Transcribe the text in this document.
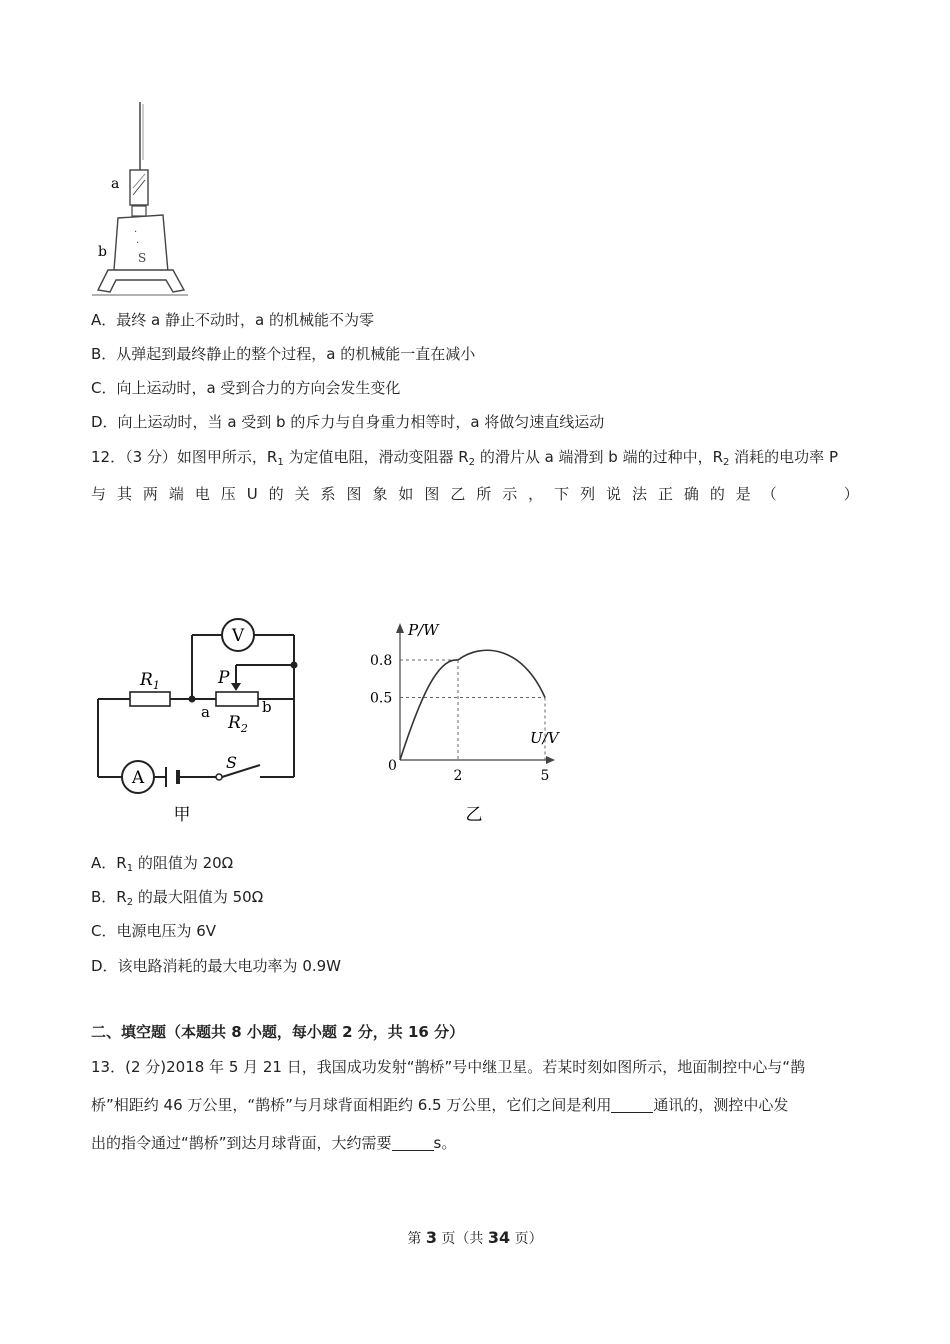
a
·
·
S
b
A．最终 a 静止不动时，a 的机械能不为零
B．从弹起到最终静止的整个过程，a 的机械能一直在减小
C．向上运动时，a 受到合力的方向会发生变化
D．向上运动时，当 a 受到 b 的斥力与自身重力相等时，a 将做匀速直线运动
12．（3 分）如图甲所示，$R_1$ 为定值电阻，滑动变阻器 $R_2$ 的滑片从 a 端滑到 b 端的过种中，$R_2$ 消耗的电功率 P
与 其 两 端 电 压 U 的 关 系 图 象 如 图 乙 所 示 ， 下 列 说 法 正 确 的 是 （	）
V
A
$R_1$
$R_2$
P
a	b
S
甲
0.8
0.5
2	5
P/W
U/V
0
乙
A．$R_1$ 的阻值为 20Ω
B．$R_2$ 的最大阻值为 50Ω
C．电源电压为 6V
D．该电路消耗的最大电功率为 0.9W
二、填空题（本题共 8 小题，每小题 2 分，共 16 分）
13．(2 分)2018 年 5 月 21 日，我国成功发射“鹊桥”号中继卫星。若某时刻如图所示，地面制控中心与“鹊
桥”相距约 46 万公里，“鹊桥”与月球背面相距约 6.5 万公里，它们之间是利用	通讯的，测控中心发
出的指令通过“鹊桥”到达月球背面，大约需要	s。
第 3 页（共 34 页）
